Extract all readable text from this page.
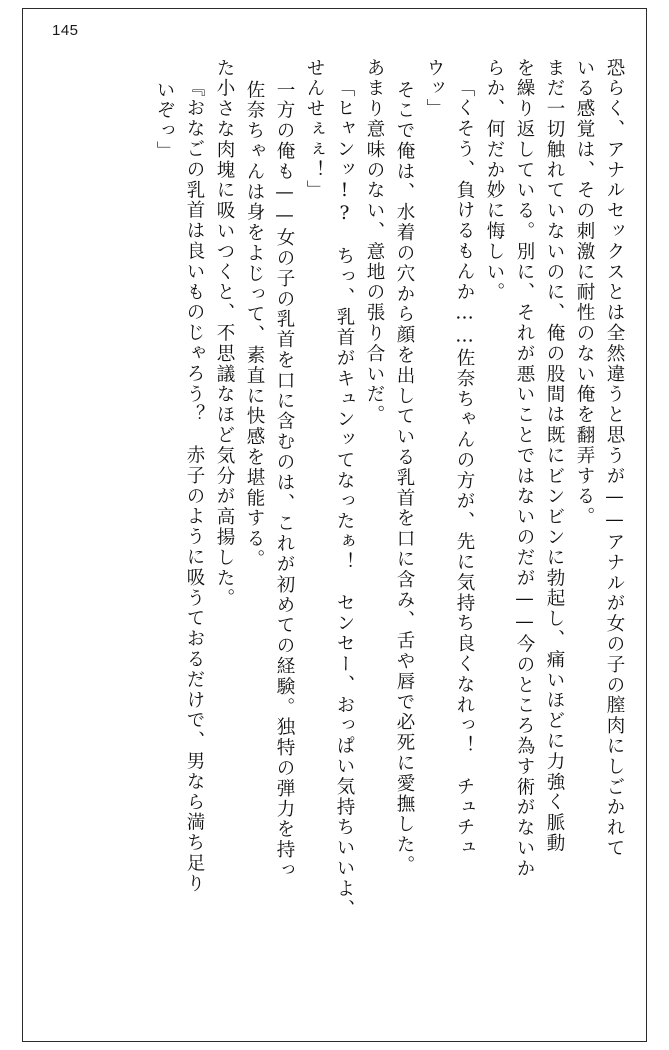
145
恐らく、アナルセックスとは全然違うと思うが——アナルが女の子の膣肉にしごかれて
いる感覚は、その刺激に耐性のない俺を翻弄する。
まだ一切触れていないのに、俺の股間は既にビンビンに勃起し、痛いほどに力強く脈動
を繰り返している。別に、それが悪いことではないのだが——今のところ為す術がないか
らか、何だか妙に悔しい。
「くそう、負けるもんか……佐奈ちゃんの方が、先に気持ち良くなれっ！　チュチュ
ウッ」
そこで俺は、水着の穴から顔を出している乳首を口に含み、舌や唇で必死に愛撫した。
あまり意味のない、意地の張り合いだ。
「ヒャンッ!?　ちっ、乳首がキュンッてなったぁ！　センセー、おっぱい気持ちいいよ、
せんせぇぇ！」
一方の俺も——女の子の乳首を口に含むのは、これが初めての経験。独特の弾力を持っ
佐奈ちゃんは身をよじって、素直に快感を堪能する。
た小さな肉塊に吸いつくと、不思議なほど気分が高揚した。
『おなごの乳首は良いものじゃろう？　赤子のように吸うておるだけで、男なら満ち足り
いぞっ」
